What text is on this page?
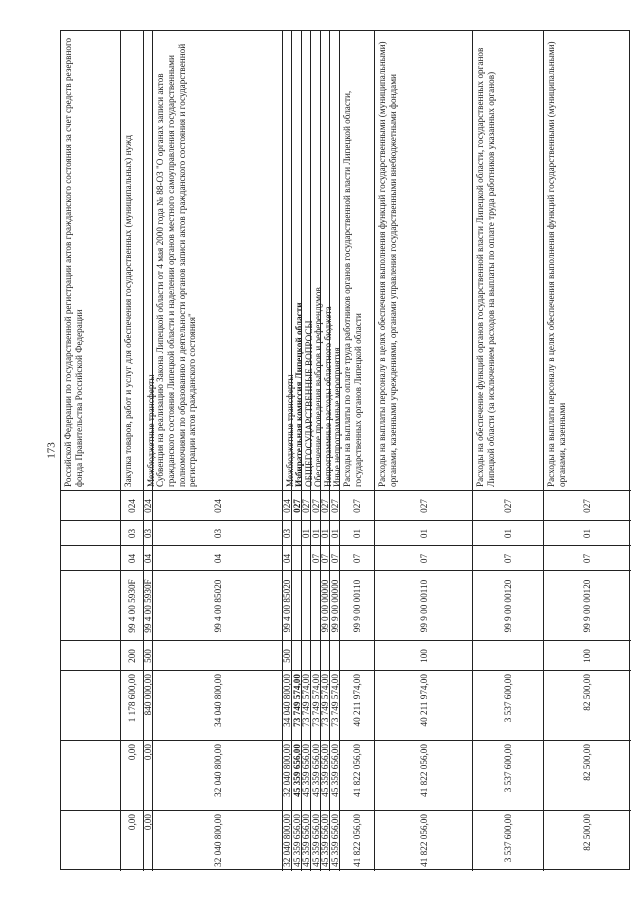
173 Российской Федерации по государственной регистрации актов гражданского состояния за счет средств резервного фонда Правительства Российской Федерации	Закупка товаров, работ и услуг для обеспечения государственных (муниципальных) нужд
024
03
04
99 4 00 5930F
200
1 178 600,00
0,00
0,00
Межбюджетные трансферты
024
03
04
99 4 00 5930F
500
840 000,00
0,00
0,00
Субвенция на реализацию Закона Липецкой области от 4 мая 2000 года № 88-ОЗ "О органах записи актов гражданского состояния Липецкой области и наделении органов местного самоуправления государственными полномочиями по образованию и деятельности органов записи актов гражданского состояния и государственной регистрации актов гражданского состояния"
024
03
04
99 4 00 85020
34 040 800,00
32 040 800,00
32 040 800,00
Межбюджетные трансферты
024
03
04
99 4 00 85020
500
34 040 800,00
32 040 800,00
32 040 800,00
Избирательная комиссия Липецкой области
027
73 749 574,00
45 359 656,00
45 359 656,00
ОБЩЕГОСУДАРСТВЕННЫЕ ВОПРОСЫ
027
01
73 749 574,00
45 359 656,00
45 359 656,00
Обеспечение проведения выборов и референдумов
027
01
07
73 749 574,00
45 359 656,00
45 359 656,00
Непрограммные расходы областного бюджета
027
01
07
99 0 00 00000
73 749 574,00
45 359 656,00
45 359 656,00
Иные непрограммные мероприятия
027
01
07
99 9 00 00000
73 749 574,00
45 359 656,00
45 359 656,00
Расходы на выплаты по оплате труда работников органов государственной власти Липецкой области, государственных органов Липецкой области
027
01
07
99 9 00 00110
40 211 974,00
41 822 056,00
41 822 056,00
Расходы на выплаты персоналу в целях обеспечения выполнения функций государственными (муниципальными) органами, казенными учреждениями, органами управления государственными внебюджетными фондами
027
01
07
99 9 00 00110
100
40 211 974,00
41 822 056,00
41 822 056,00
Расходы на обеспечение функций органов государственной власти Липецкой области, государственных органов Липецкой области (за исключением расходов на выплаты по оплате труда работников указанных органов)
027
01
07
99 9 00 00120
3 537 600,00
3 537 600,00
3 537 600,00
Расходы на выплаты персоналу в целях обеспечения выполнения функций государственными (муниципальными) органами, казенными
027
01
07
99 9 00 00120
100
82 500,00
82 500,00
82 500,00
